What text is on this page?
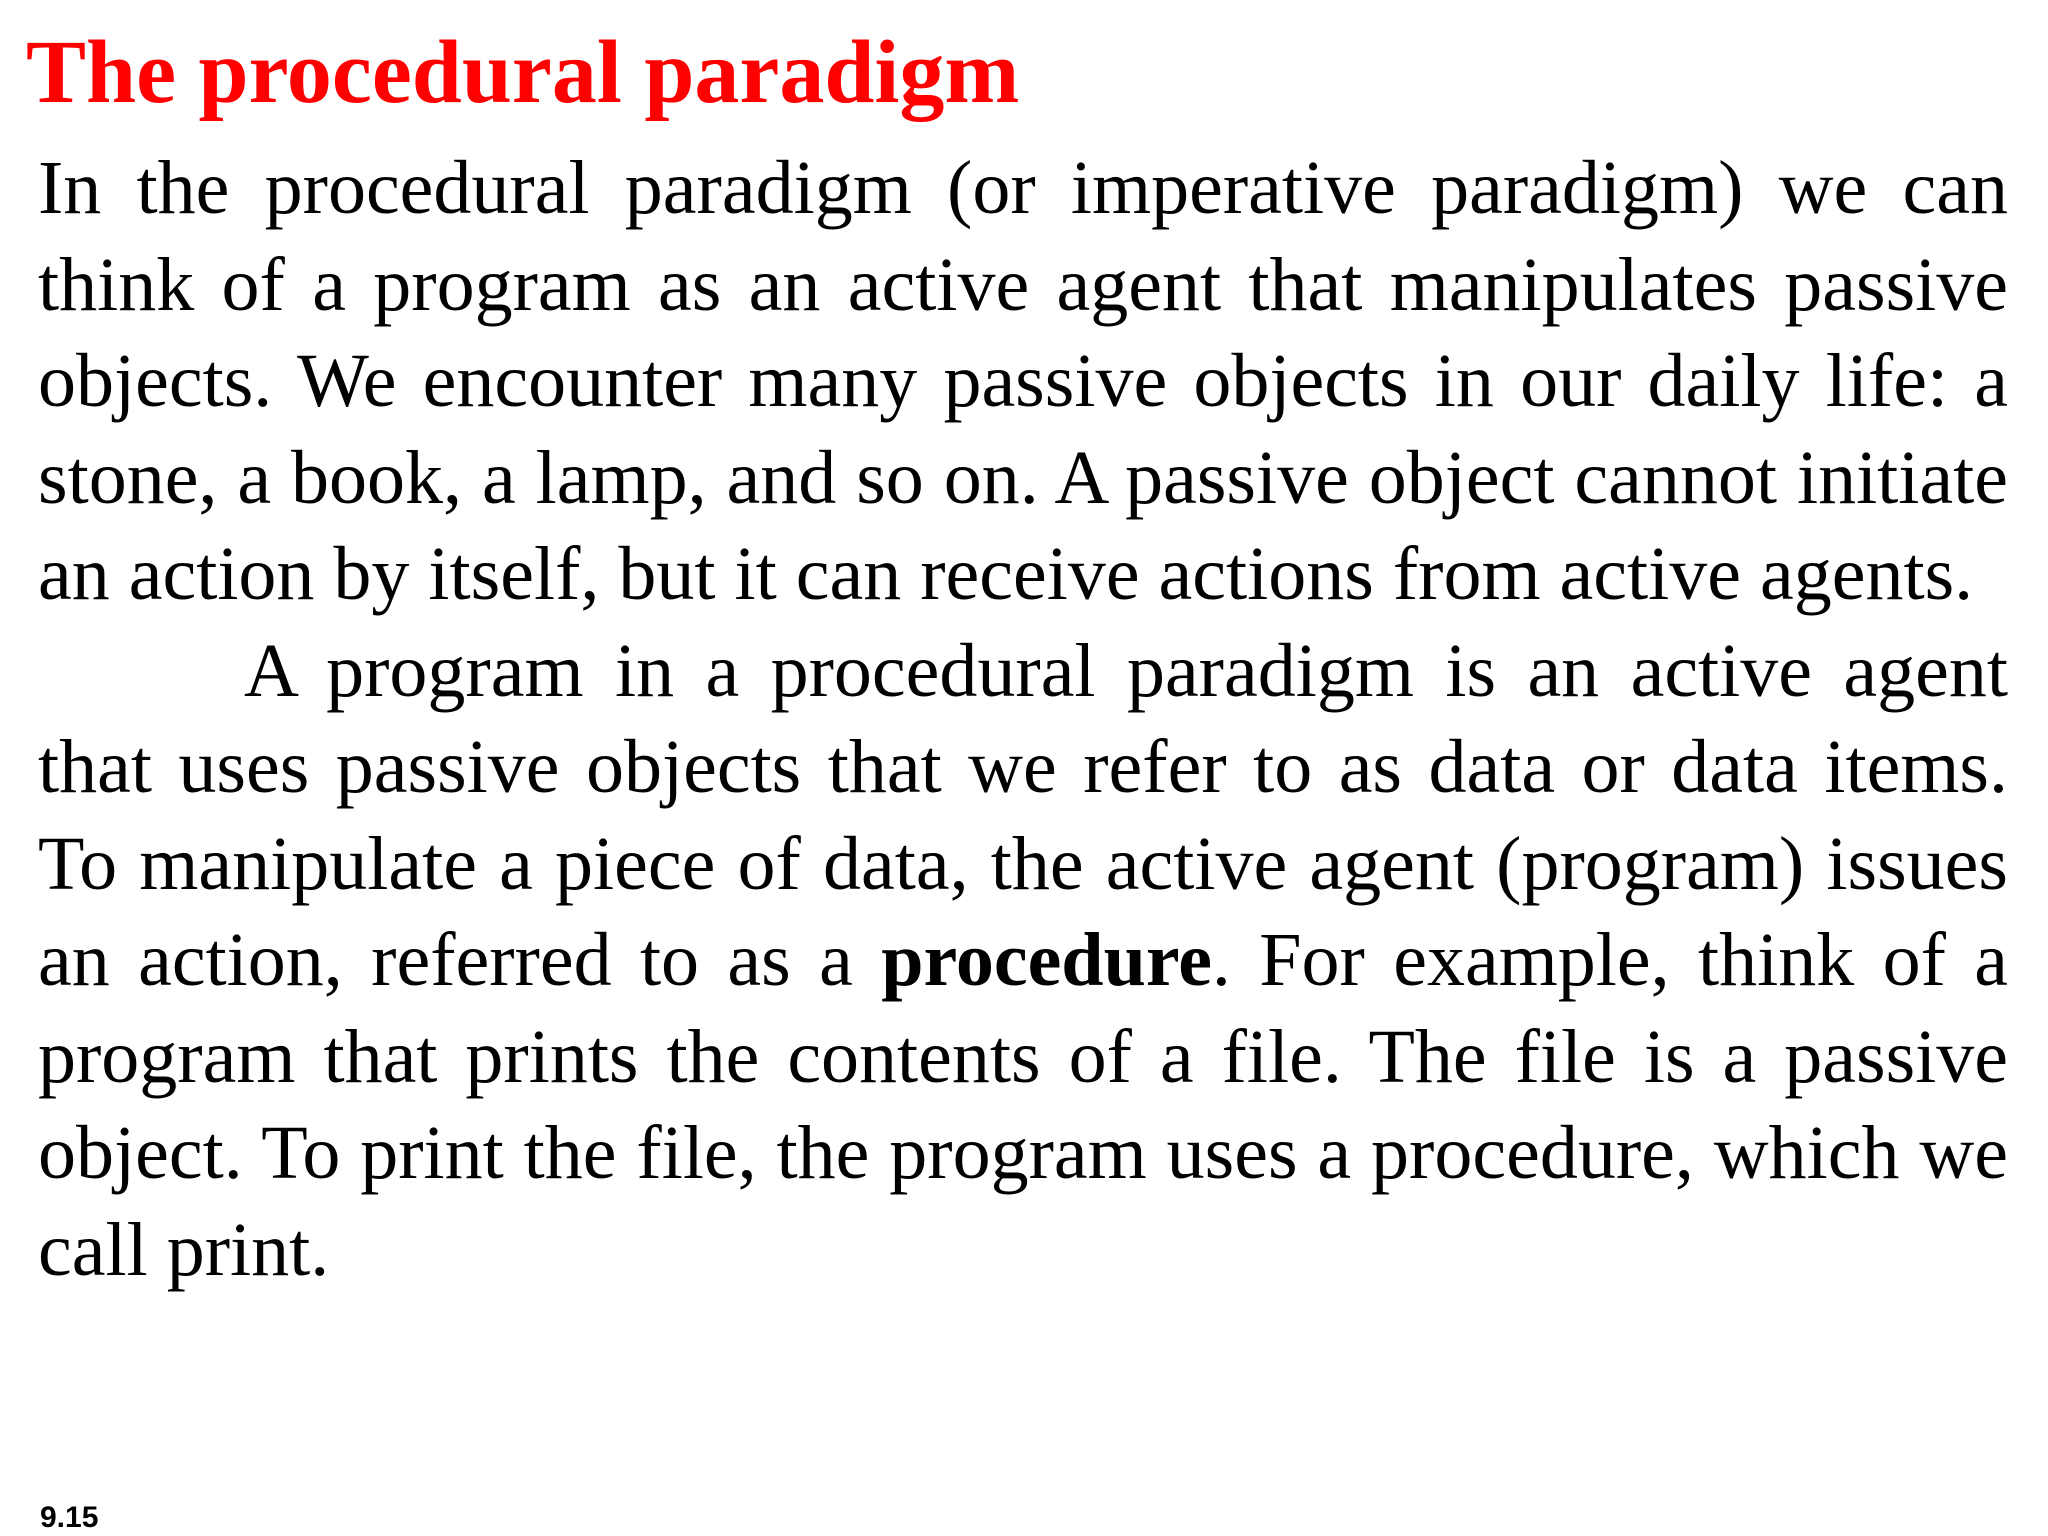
The procedural paradigm

In the procedural paradigm (or imperative paradigm) we can think of a program as an active agent that manipulates passive objects. We encounter many passive objects in our daily life: a stone, a book, a lamp, and so on. A passive object cannot initiate an action by itself, but it can receive actions from active agents.

A program in a procedural paradigm is an active agent that uses passive objects that we refer to as data or data items. To manipulate a piece of data, the active agent (program) issues an action, referred to as a procedure. For example, think of a program that prints the contents of a file. The file is a passive object. To print the file, the program uses a procedure, which we call print.

9.15
